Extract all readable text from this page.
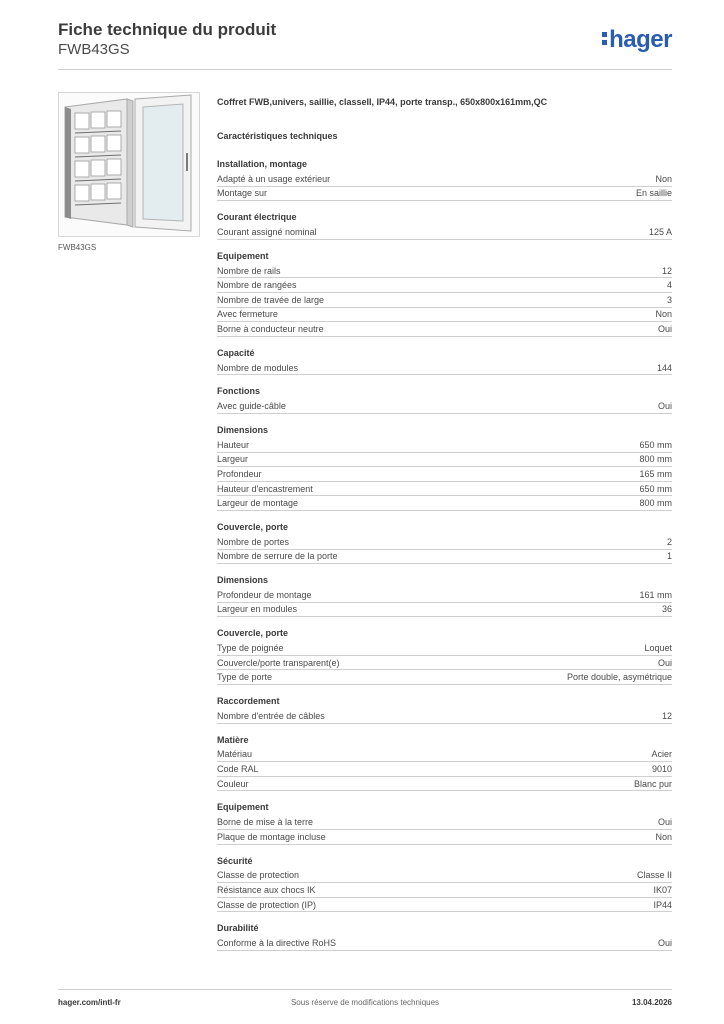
Fiche technique du produit
FWB43GS	hager
FWB43GS
Coffret FWB,univers, saillie, classeII, IP44, porte transp., 650x800x161mm,QC
Caractéristiques techniques
Installation, montage
Adapté à un usage extérieur	Non
Montage sur	En saillie
Courant électrique
Courant assigné nominal	125 A
Equipement
Nombre de rails	12
Nombre de rangées	4
Nombre de travée de large	3
Avec fermeture	Non
Borne à conducteur neutre	Oui
Capacité
Nombre de modules	144
Fonctions
Avec guide-câble	Oui
Dimensions
Hauteur	650 mm
Largeur	800 mm
Profondeur	165 mm
Hauteur d'encastrement	650 mm
Largeur de montage	800 mm
Couvercle, porte
Nombre de portes	2
Nombre de serrure de la porte	1
Dimensions
Profondeur de montage	161 mm
Largeur en modules	36
Couvercle, porte
Type de poignée	Loquet
Couvercle/porte transparent(e)	Oui
Type de porte	Porte double, asymétrique
Raccordement
Nombre d'entrée de câbles	12
Matière
Matériau	Acier
Code RAL	9010
Couleur	Blanc pur
Equipement
Borne de mise à la terre	Oui
Plaque de montage incluse	Non
Sécurité
Classe de protection	Classe II
Résistance aux chocs IK	IK07
Classe de protection (IP)	IP44
Durabilité
Conforme à la directive RoHS	Oui
hager.com/intl-fr	Sous réserve de modifications techniques	13.04.2026
